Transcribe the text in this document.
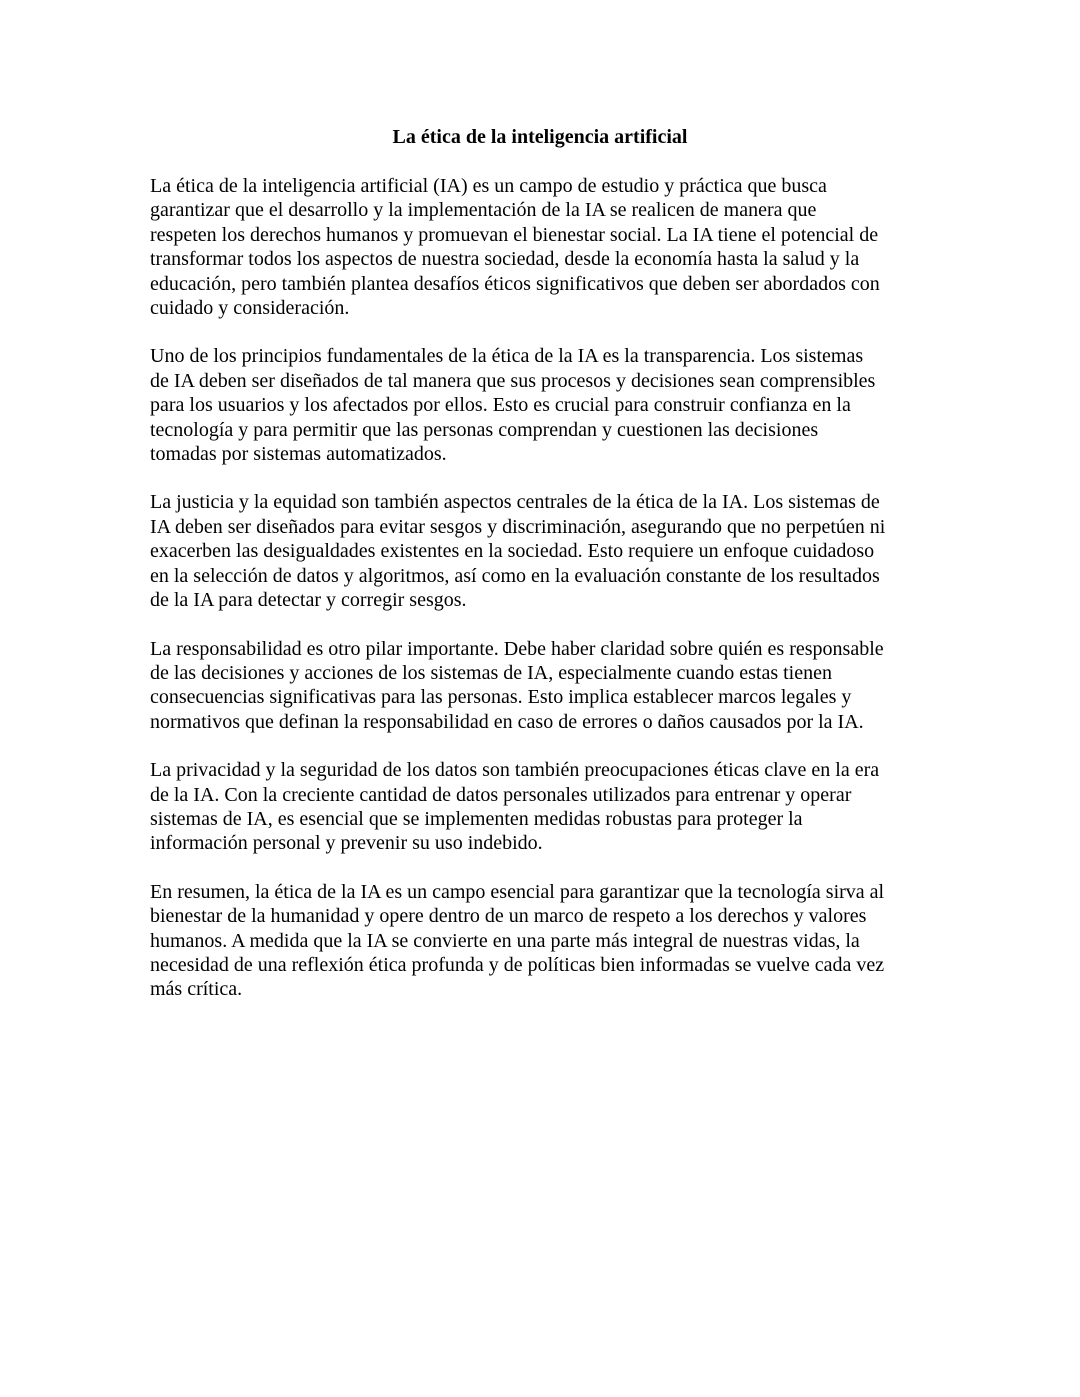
La ética de la inteligencia artificial

La ética de la inteligencia artificial (IA) es un campo de estudio y práctica que busca
garantizar que el desarrollo y la implementación de la IA se realicen de manera que
respeten los derechos humanos y promuevan el bienestar social. La IA tiene el potencial de
transformar todos los aspectos de nuestra sociedad, desde la economía hasta la salud y la
educación, pero también plantea desafíos éticos significativos que deben ser abordados con
cuidado y consideración.

Uno de los principios fundamentales de la ética de la IA es la transparencia. Los sistemas
de IA deben ser diseñados de tal manera que sus procesos y decisiones sean comprensibles
para los usuarios y los afectados por ellos. Esto es crucial para construir confianza en la
tecnología y para permitir que las personas comprendan y cuestionen las decisiones
tomadas por sistemas automatizados.

La justicia y la equidad son también aspectos centrales de la ética de la IA. Los sistemas de
IA deben ser diseñados para evitar sesgos y discriminación, asegurando que no perpetúen ni
exacerben las desigualdades existentes en la sociedad. Esto requiere un enfoque cuidadoso
en la selección de datos y algoritmos, así como en la evaluación constante de los resultados
de la IA para detectar y corregir sesgos.

La responsabilidad es otro pilar importante. Debe haber claridad sobre quién es responsable
de las decisiones y acciones de los sistemas de IA, especialmente cuando estas tienen
consecuencias significativas para las personas. Esto implica establecer marcos legales y
normativos que definan la responsabilidad en caso de errores o daños causados por la IA.

La privacidad y la seguridad de los datos son también preocupaciones éticas clave en la era
de la IA. Con la creciente cantidad de datos personales utilizados para entrenar y operar
sistemas de IA, es esencial que se implementen medidas robustas para proteger la
información personal y prevenir su uso indebido.

En resumen, la ética de la IA es un campo esencial para garantizar que la tecnología sirva al
bienestar de la humanidad y opere dentro de un marco de respeto a los derechos y valores
humanos. A medida que la IA se convierte en una parte más integral de nuestras vidas, la
necesidad de una reflexión ética profunda y de políticas bien informadas se vuelve cada vez
más crítica.
